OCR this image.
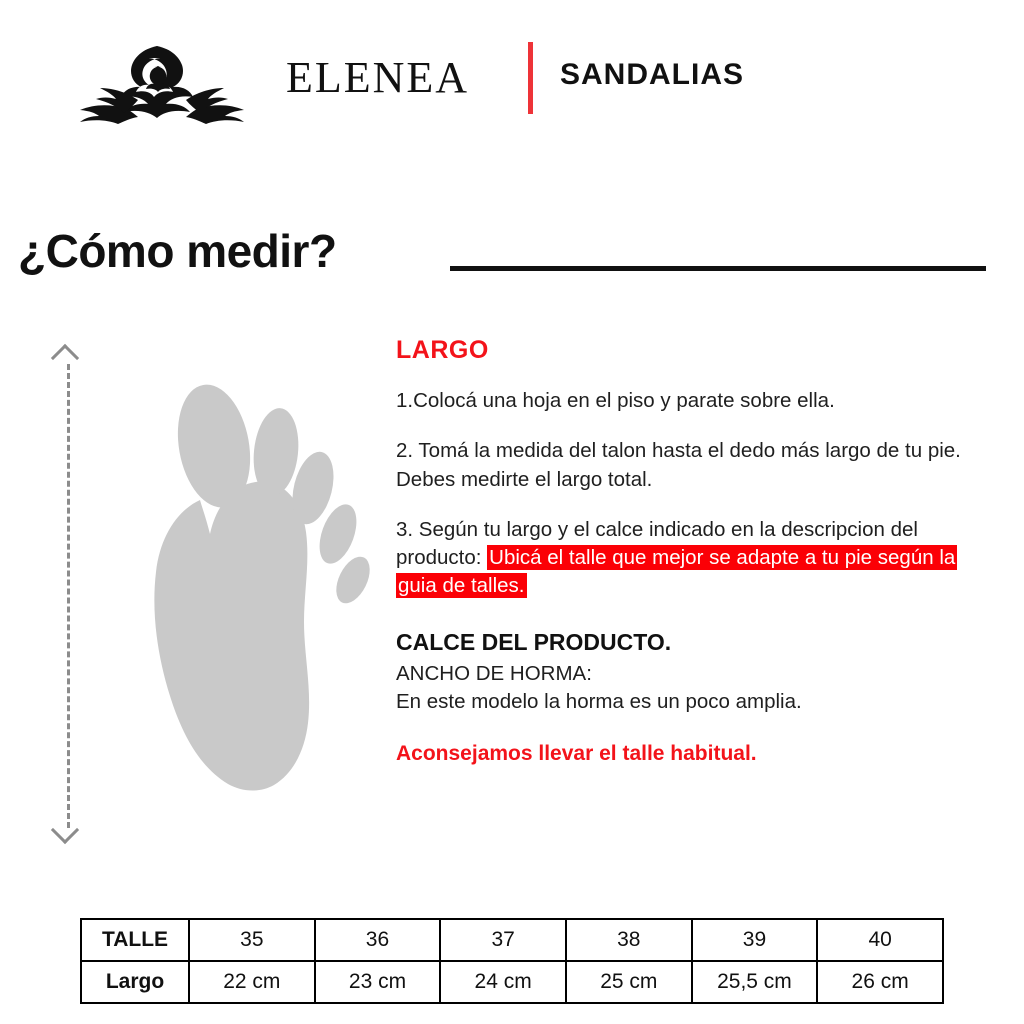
ELENEA	SANDALIAS
¿Cómo medir?
LARGO

1.Colocá una hoja en el piso y parate sobre ella.

2. Tomá la medida del talon hasta el dedo más largo de tu pie. Debes medirte el largo total.

3. Según tu largo y el calce indicado en la descripcion del producto: Ubicá el talle que mejor se adapte a tu pie según la guia de talles.

CALCE DEL PRODUCTO.

ANCHO DE HORMA:

En este modelo la horma es un poco amplia.

Aconsejamos llevar el talle habitual.
TALLE	35	36	37	38	39	40
Largo	22 cm	23 cm	24 cm	25 cm	25,5 cm	26 cm
